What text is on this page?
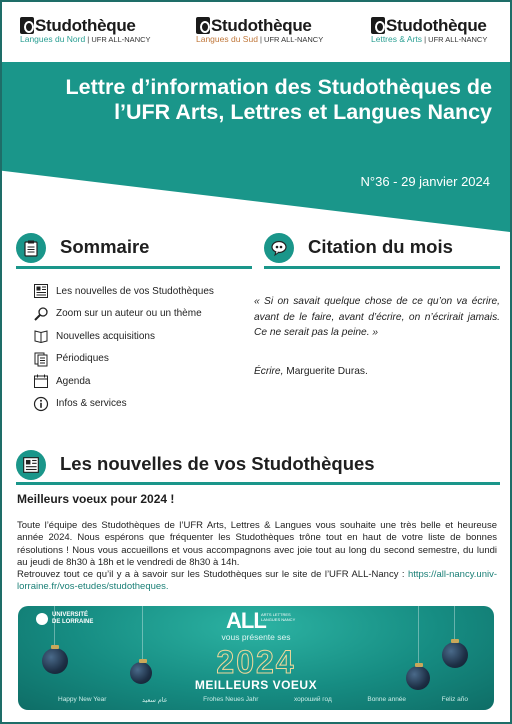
Studothèque
Langues du Nord | UFR ALL-NANCY
Studothèque
Langues du Sud | UFR ALL-NANCY
Studothèque
Lettres & Arts | UFR ALL-NANCY
Lettre d’information des Studothèques de l’UFR Arts, Lettres et Langues Nancy
N°36 - 29 janvier 2024
Sommaire	Citation du mois
Les nouvelles de vos Studothèques
Zoom sur un auteur ou un thème
Nouvelles acquisitions
Périodiques
Agenda
Infos & services
« Si on savait quelque chose de ce qu’on va écrire, avant de le faire, avant d’écrire, on n’écrirait jamais. Ce ne serait pas la peine. »
Écrire, Marguerite Duras.
Les nouvelles de vos Studothèques
Meilleurs voeux pour 2024 !

Toute l’équipe des Studothèques de l’UFR Arts, Lettres & Langues vous souhaite une très belle et heureuse année 2024. Nous espérons que fréquenter les Studothèques trône tout en haut de votre liste de bonnes résolutions ! Nous vous accueillons et vous accompagnons avec joie tout au long du second semestre, du lundi au jeudi de 8h30 à 18h et le vendredi de 8h30 à 14h.

Retrouvez tout ce qu’il y a à savoir sur les Studothèques sur le site de l’UFR ALL-Nancy : https://all-nancy.univ-lorraine.fr/vos-etudes/studotheques.

UNIVERSITÉ DE LORRAINE	ALL
ARTS LETTRES LANGUES NANCY
vous présente ses
2024
MEILLEURS VOEUX
Happy New Year	عام سعيد	Frohes Neues Jahr	хороший год	Bonne année	Feliz año
